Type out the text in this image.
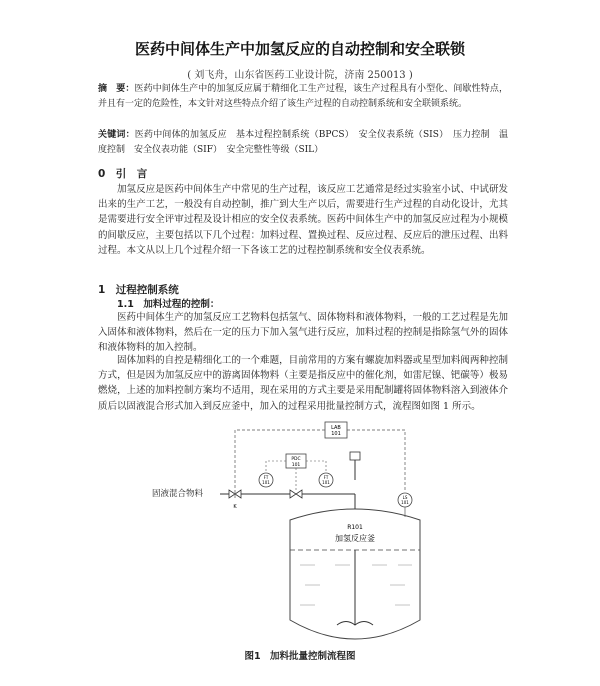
医药中间体生产中加氢反应的自动控制和安全联锁
( 刘飞舟，山东省医药工业设计院，济南 250013 )

摘　要：医药中间体生产中的加氢反应属于精细化工生产过程，该生产过程具有小型化、间歇性特点，并且有一定的危险性，本文针对这些特点介绍了该生产过程的自动控制系统和安全联锁系统。

关键词：医药中间体的加氢反应　基本过程控制系统（BPCS）　安全仪表系统（SIS）　压力控制　温度控制　安全仪表功能（SIF）　安全完整性等级（SIL）

0　引　言

加氢反应是医药中间体生产中常见的生产过程，该反应工艺通常是经过实验室小试、中试研发出来的生产工艺，一般没有自动控制，推广到大生产以后，需要进行生产过程的自动化设计，尤其是需要进行安全评审过程及设计相应的安全仪表系统。医药中间体生产中的加氢反应过程为小规模的间歇反应，主要包括以下几个过程：加料过程、置换过程、反应过程、反应后的泄压过程、出料过程。本文从以上几个过程介绍一下各该工艺的过程控制系统和安全仪表系统。

1　过程控制系统
1.1　加料过程的控制：

医药中间体生产的加氢反应工艺物料包括氢气、固体物料和液体物料，一般的工艺过程是先加入固体和液体物料，然后在一定的压力下加入氢气进行反应，加料过程的控制是指除氢气外的固体和液体物料的加入控制。

固体加料的自控是精细化工的一个难题，目前常用的方案有螺旋加料器或星型加料阀两种控制方式，但是因为加氢反应中的游离固体物料（主要是指反应中的催化剂，如雷尼镍、钯碳等）极易燃烧，上述的加料控制方案均不适用，现在采用的方式主要是采用配制罐将固体物料溶入到液体介质后以固液混合形式加入到反应釜中，加入的过程采用批量控制方式，流程图如图 1 所示。

LAB
101
PDC
101
FT
101
FT
101
固液混合物料
K
R101
加氢反应釜
LS
101
图1　加料批量控制流程图
